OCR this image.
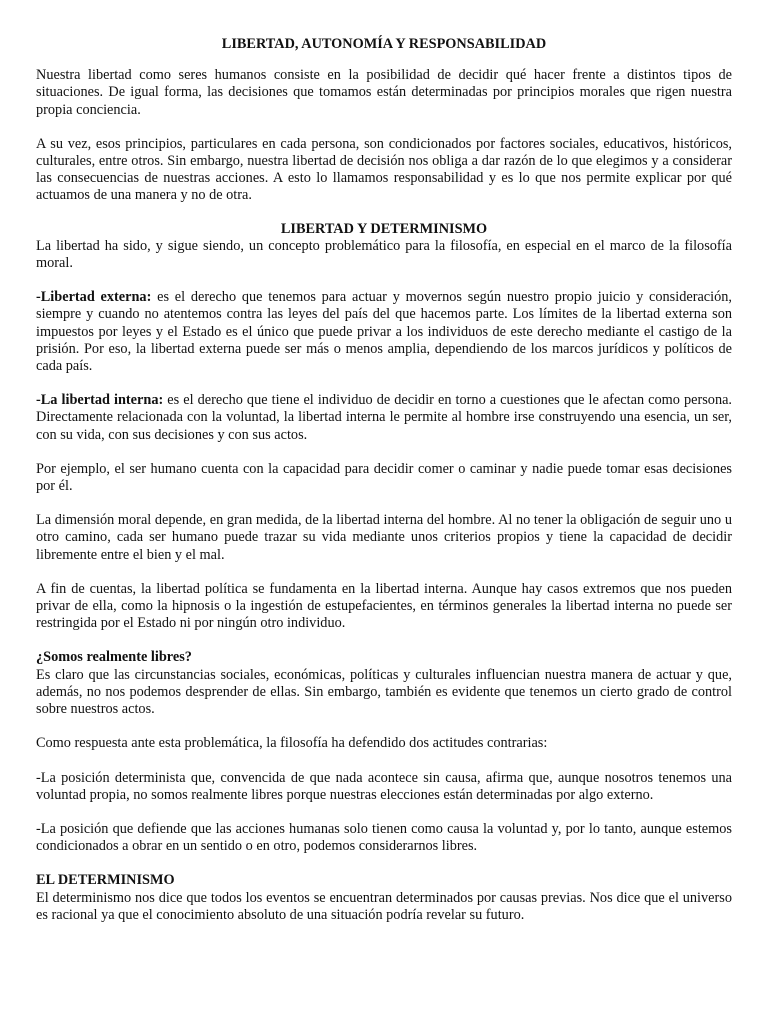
LIBERTAD, AUTONOMÍA Y RESPONSABILIDAD

Nuestra libertad como seres humanos consiste en la posibilidad de decidir qué hacer frente a distintos tipos de situaciones. De igual forma, las decisiones que tomamos están determinadas por principios morales que rigen nuestra propia conciencia.

A su vez, esos principios, particulares en cada persona, son condicionados por factores sociales, educativos, históricos, culturales, entre otros. Sin embargo, nuestra libertad de decisión nos obliga a dar razón de lo que elegimos y a considerar las consecuencias de nuestras acciones. A esto lo llamamos responsabilidad y es lo que nos permite explicar por qué actuamos de una manera y no de otra.

LIBERTAD Y DETERMINISMO

La libertad ha sido, y sigue siendo, un concepto problemático para la filosofía, en especial en el marco de la filosofía moral.

-Libertad externa: es el derecho que tenemos para actuar y movernos según nuestro propio juicio y consideración, siempre y cuando no atentemos contra las leyes del país del que hacemos parte. Los límites de la libertad externa son impuestos por leyes y el Estado es el único que puede privar a los individuos de este derecho mediante el castigo de la prisión. Por eso, la libertad externa puede ser más o menos amplia, dependiendo de los marcos jurídicos y políticos de cada país.

-La libertad interna: es el derecho que tiene el individuo de decidir en torno a cuestiones que le afectan como persona. Directamente relacionada con la voluntad, la libertad interna le permite al hombre irse construyendo una esencia, un ser, con su vida, con sus decisiones y con sus actos.

Por ejemplo, el ser humano cuenta con la capacidad para decidir comer o caminar y nadie puede tomar esas decisiones por él.

La dimensión moral depende, en gran medida, de la libertad interna del hombre. Al no tener la obligación de seguir uno u otro camino, cada ser humano puede trazar su vida mediante unos criterios propios y tiene la capacidad de decidir libremente entre el bien y el mal.

A fin de cuentas, la libertad política se fundamenta en la libertad interna. Aunque hay casos extremos que nos pueden privar de ella, como la hipnosis o la ingestión de estupefacientes, en términos generales la libertad interna no puede ser restringida por el Estado ni por ningún otro individuo.

¿Somos realmente libres?

Es claro que las circunstancias sociales, económicas, políticas y culturales influencian nuestra manera de actuar y que, además, no nos podemos desprender de ellas. Sin embargo, también es evidente que tenemos un cierto grado de control sobre nuestros actos.

Como respuesta ante esta problemática, la filosofía ha defendido dos actitudes contrarias:

-La posición determinista que, convencida de que nada acontece sin causa, afirma que, aunque nosotros tenemos una voluntad propia, no somos realmente libres porque nuestras elecciones están determinadas por algo externo.

-La posición que defiende que las acciones humanas solo tienen como causa la voluntad y, por lo tanto, aunque estemos condicionados a obrar en un sentido o en otro, podemos considerarnos libres.

EL DETERMINISMO

El determinismo nos dice que todos los eventos se encuentran determinados por causas previas. Nos dice que el universo es racional ya que el conocimiento absoluto de una situación podría revelar su futuro.
